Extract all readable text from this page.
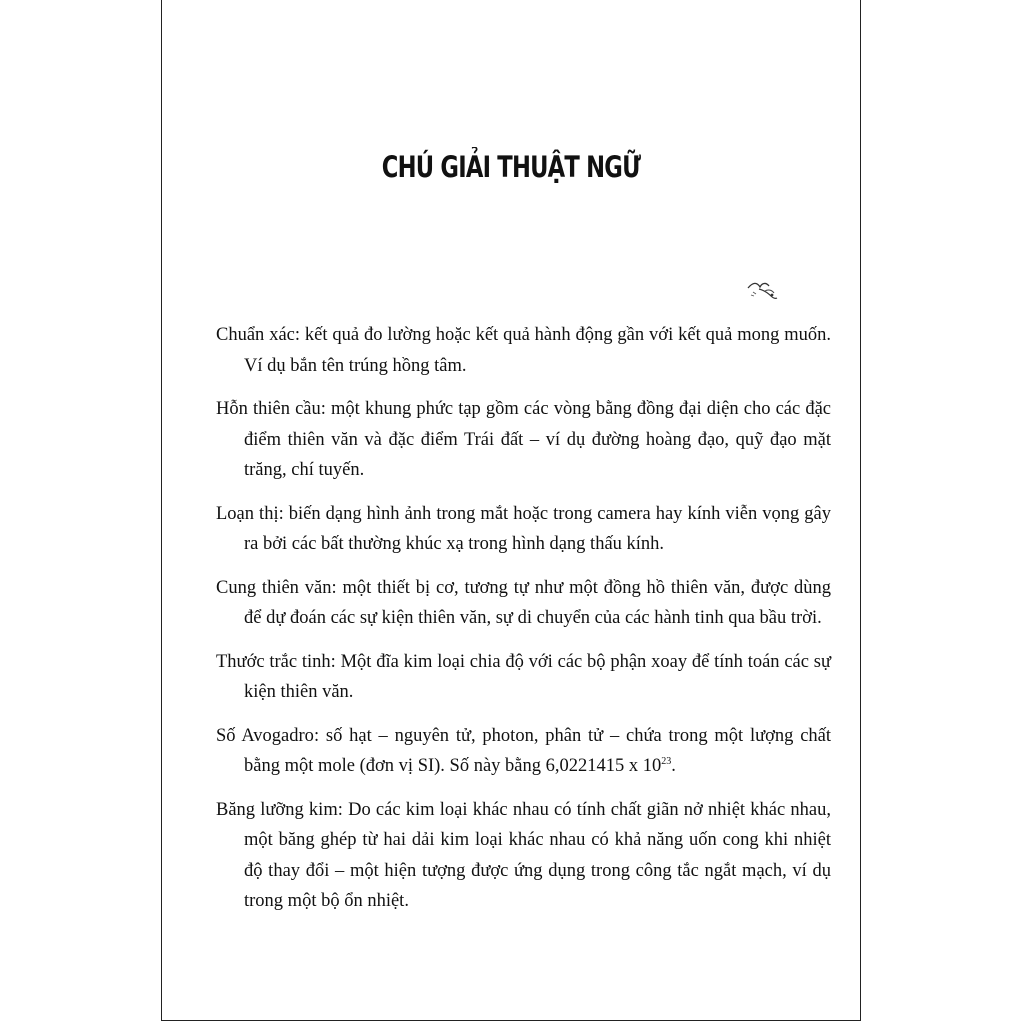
CHÚ GIẢI THUẬT NGỮ

Chuẩn xác: kết quả đo lường hoặc kết quả hành động gần với kết quả mong muốn. Ví dụ bắn tên trúng hồng tâm.

Hỗn thiên cầu: một khung phức tạp gồm các vòng bằng đồng đại diện cho các đặc điểm thiên văn và đặc điểm Trái đất – ví dụ đường hoàng đạo, quỹ đạo mặt trăng, chí tuyến.

Loạn thị: biến dạng hình ảnh trong mắt hoặc trong camera hay kính viễn vọng gây ra bởi các bất thường khúc xạ trong hình dạng thấu kính.

Cung thiên văn: một thiết bị cơ, tương tự như một đồng hồ thiên văn, được dùng để dự đoán các sự kiện thiên văn, sự di chuyển của các hành tinh qua bầu trời.

Thước trắc tinh: Một đĩa kim loại chia độ với các bộ phận xoay để tính toán các sự kiện thiên văn.

Số Avogadro: số hạt – nguyên tử, photon, phân tử – chứa trong một lượng chất bằng một mole (đơn vị SI). Số này bằng 6,0221415 x $10^{23}$.

Băng lưỡng kim: Do các kim loại khác nhau có tính chất giãn nở nhiệt khác nhau, một băng ghép từ hai dải kim loại khác nhau có khả năng uốn cong khi nhiệt độ thay đổi – một hiện tượng được ứng dụng trong công tắc ngắt mạch, ví dụ trong một bộ ổn nhiệt.
